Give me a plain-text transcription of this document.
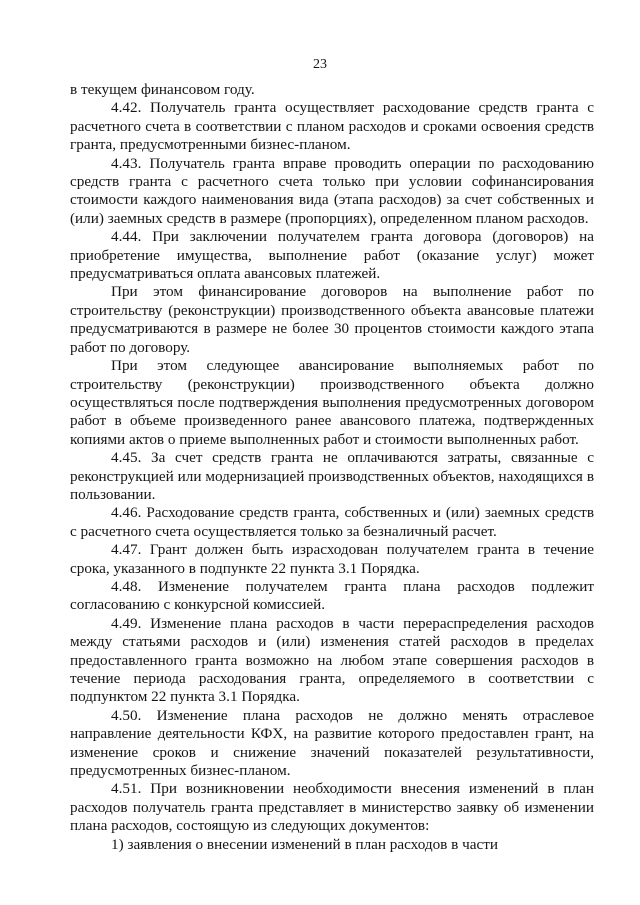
23

в текущем финансовом году.

4.42. Получатель гранта осуществляет расходование средств гранта с расчетного счета в соответствии с планом расходов и сроками освоения средств гранта, предусмотренными бизнес-планом.

4.43. Получатель гранта вправе проводить операции по расходованию средств гранта с расчетного счета только при условии софинансирования стоимости каждого наименования вида (этапа расходов) за счет собственных и (или) заемных средств в размере (пропорциях), определенном планом расходов.

4.44. При заключении получателем гранта договора (договоров) на приобретение имущества, выполнение работ (оказание услуг) может предусматриваться оплата авансовых платежей.

При этом финансирование договоров на выполнение работ по строительству (реконструкции) производственного объекта авансовые платежи предусматриваются в размере не более 30 процентов стоимости каждого этапа работ по договору.

При этом следующее авансирование выполняемых работ по строительству (реконструкции) производственного объекта должно осуществляться после подтверждения выполнения предусмотренных договором работ в объеме произведенного ранее авансового платежа, подтвержденных копиями актов о приеме выполненных работ и стоимости выполненных работ.

4.45. За счет средств гранта не оплачиваются затраты, связанные с реконструкцией или модернизацией производственных объектов, находящихся в пользовании.

4.46. Расходование средств гранта, собственных и (или) заемных средств с расчетного счета осуществляется только за безналичный расчет.

4.47. Грант должен быть израсходован получателем гранта в течение срока, указанного в подпункте 22 пункта 3.1 Порядка.

4.48. Изменение получателем гранта плана расходов подлежит согласованию с конкурсной комиссией.

4.49. Изменение плана расходов в части перераспределения расходов между статьями расходов и (или) изменения статей расходов в пределах предоставленного гранта возможно на любом этапе совершения расходов в течение периода расходования гранта, определяемого в соответствии с подпунктом 22 пункта 3.1 Порядка.

4.50. Изменение плана расходов не должно менять отраслевое направление деятельности КФХ, на развитие которого предоставлен грант, на изменение сроков и снижение значений показателей результативности, предусмотренных бизнес-планом.

4.51. При возникновении необходимости внесения изменений в план расходов получатель гранта представляет в министерство заявку об изменении плана расходов, состоящую из следующих документов:

1) заявления о внесении изменений в план расходов в части
